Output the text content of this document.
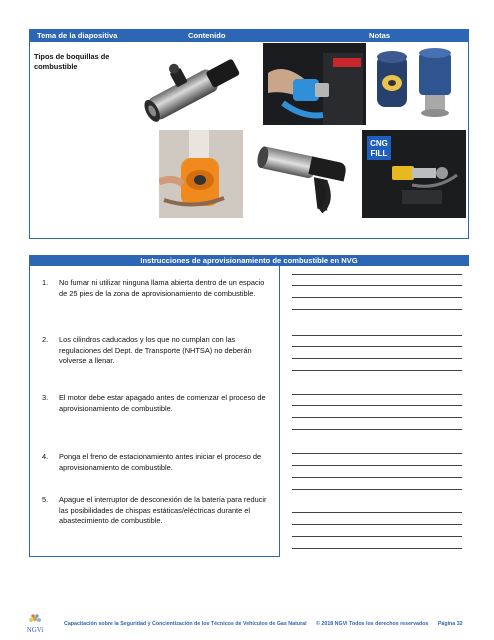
Tema de la diapositiva	Contenido	Notas
Tipos de boquillas de combustible
CNG
FILL
Instrucciones de aprovisionamiento de combustible en NVG
1.	No fumar ni utilizar ninguna llama abierta dentro de un espacio de 25 pies de la zona de aprovisionamiento de combustible.
2.	Los cilindros caducados y los que no cumplan con las regulaciones del Dept. de Transporte (NHTSA) no deberán volverse a llenar.
3.	El motor debe estar apagado antes de comenzar el proceso de aprovisionamiento de combustible.
4.	Ponga el freno de estacionamiento antes iniciar el proceso de aprovisionamiento de combustible.
5.	Apague el interruptor de desconexión de la batería para reducir las posibilidades de chispas estáticas/eléctricas durante el abastecimiento de combustible.
NGVi
Capacitación sobre la Seguridad y Concientización de los Técnicos de Vehículos de Gas Natural © 2018 NGVi Todos los derechos reservados Página 32
